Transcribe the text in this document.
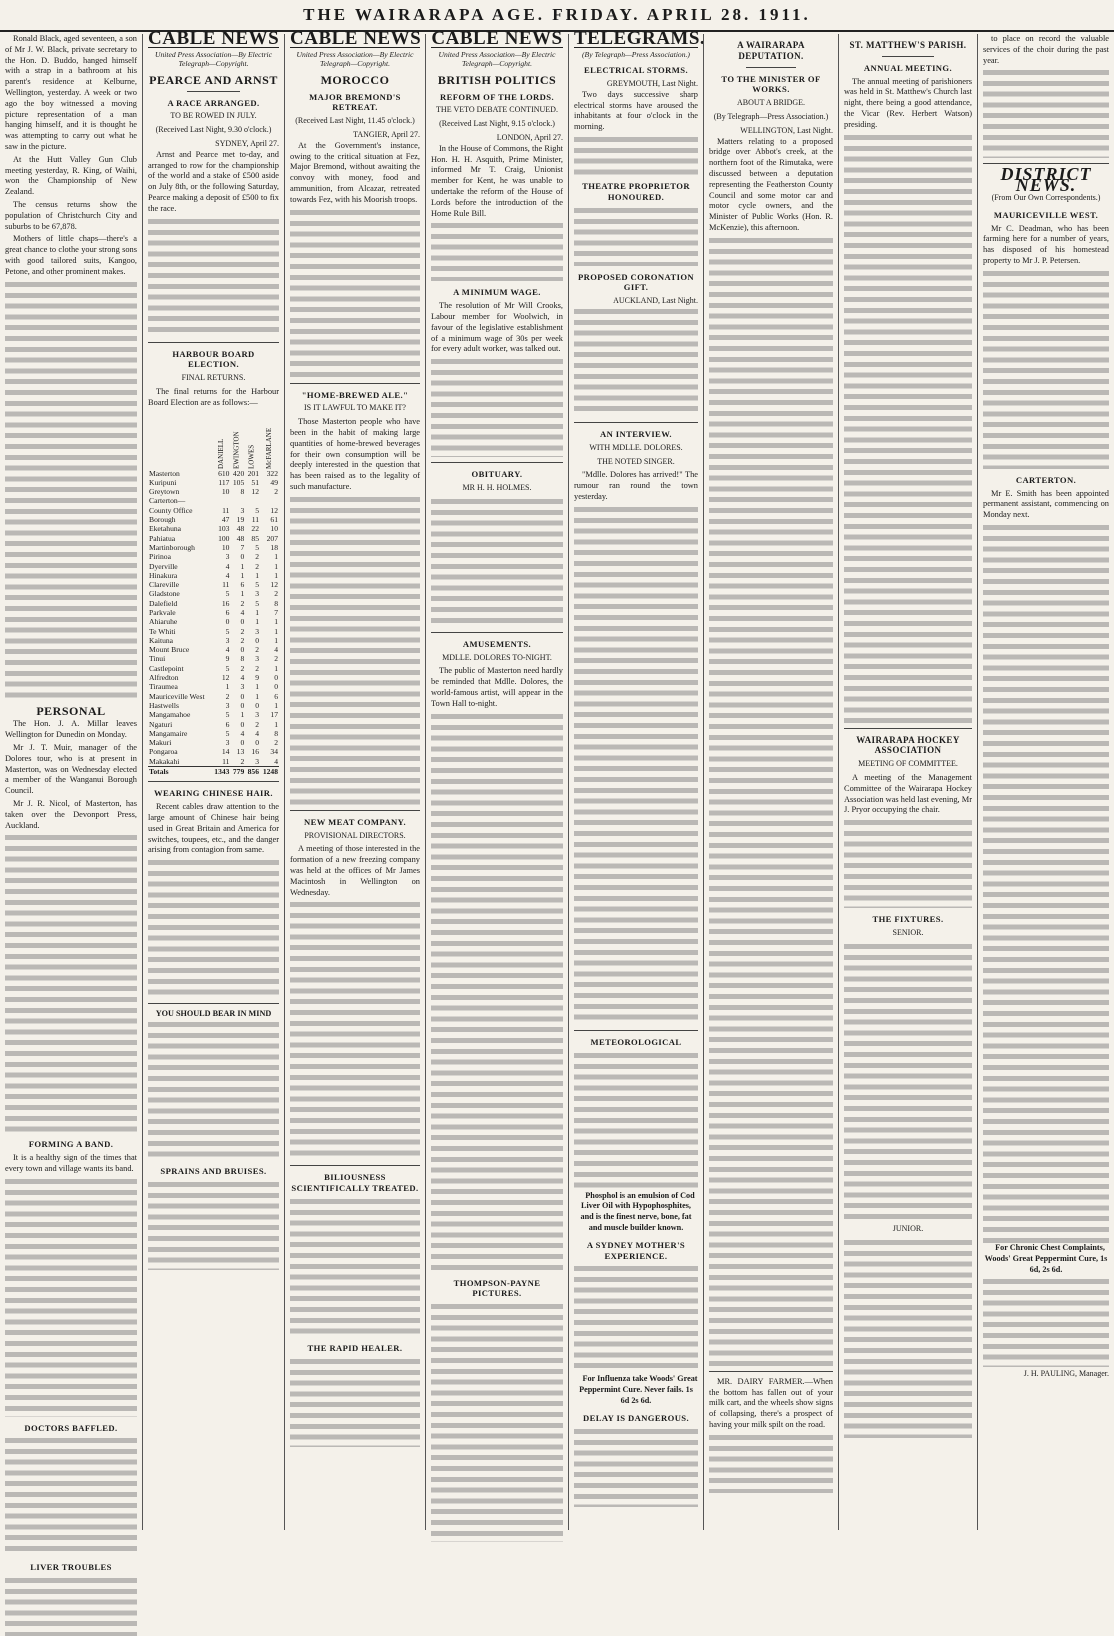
THE WAIRARAPA AGE. FRIDAY. APRIL 28. 1911.

Ronald Black, aged seventeen, a son of Mr J. W. Black, private secretary to the Hon. D. Buddo, hanged himself with a strap in a bathroom at his parent's residence at Kelburne, Wellington, yesterday. A week or two ago the boy witnessed a moving picture representation of a man hanging himself, and it is thought he was attempting to carry out what he saw in the picture.

At the Hutt Valley Gun Club meeting yesterday, R. King, of Waihi, won the Championship of New Zealand.

The census returns show the population of Christchurch City and suburbs to be 67,878.

Mothers of little chaps—there's a great chance to clothe your strong sons with good tailored suits, Kangoo, Petone, and other prominent makes.

PERSONAL

The Hon. J. A. Millar leaves Wellington for Dunedin on Monday.

Mr J. T. Muir, manager of the Dolores tour, who is at present in Masterton, was on Wednesday elected a member of the Wanganui Borough Council.

Mr J. R. Nicol, of Masterton, has taken over the Devonport Press, Auckland.

FORMING A BAND.

It is a healthy sign of the times that every town and village wants its band.

DOCTORS BAFFLED.
LIVER TROUBLES
CABLE NEWS
United Press Association—By Electric Telegraph—Copyright.
PEARCE AND ARNST
A RACE ARRANGED.
TO BE ROWED IN JULY.
(Received Last Night, 9.30 o'clock.)
SYDNEY, April 27.

Arnst and Pearce met to-day, and arranged to row for the championship of the world and a stake of £500 aside on July 8th, or the following Saturday, Pearce making a deposit of £500 to fix the race.

HARBOUR BOARD ELECTION.
FINAL RETURNS.

The final returns for the Harbour Board Election are as follows:—

	DANIELL	EWINGTON	LOWES	McFARLANE
Masterton	610	420	201	322
Kuripuni	117	105	51	49
Greytown	10	8	12	2
Carterton—				
County Office	11	3	5	12
Borough	47	19	11	61
Eketahuna	103	48	22	10
Pahiatua	100	48	85	207
Martinborough	10	7	5	18
Pirinoa	3	0	2	1
Dyerville	4	1	2	1
Hinakura	4	1	1	1
Clareville	11	6	5	12
Gladstone	5	1	3	2
Dalefield	16	2	5	8
Parkvale	6	4	1	7
Ahiaruhe	0	0	1	1
Te Whiti	5	2	3	1
Kaituna	3	2	0	1
Mount Bruce	4	0	2	4
Tinui	9	8	3	2
Castlepoint	5	2	2	1
Alfredton	12	4	9	0
Tiraumea	1	3	1	0
Mauriceville West	2	0	1	6
Hastwells	3	0	0	1
Mangamahoe	5	1	3	17
Ngaturi	6	0	2	1
Mangamaire	5	4	4	8
Makuri	3	0	0	2
Pongaroa	14	13	16	34
Makakahi	11	2	3	4
Totals	1343	779	856	1248
WEARING CHINESE HAIR.

Recent cables draw attention to the large amount of Chinese hair being used in Great Britain and America for switches, toupees, etc., and the danger arising from contagion from same.

YOU SHOULD BEAR IN MIND
SPRAINS AND BRUISES.
CABLE NEWS
United Press Association—By Electric Telegraph—Copyright.
MOROCCO
MAJOR BREMOND'S RETREAT.
(Received Last Night, 11.45 o'clock.)
TANGIER, April 27.

At the Government's instance, owing to the critical situation at Fez, Major Bremond, without awaiting the convoy with money, food and ammunition, from Alcazar, retreated towards Fez, with his Moorish troops.

"HOME-BREWED ALE."
IS IT LAWFUL TO MAKE IT?

Those Masterton people who have been in the habit of making large quantities of home-brewed beverages for their own consumption will be deeply interested in the question that has been raised as to the legality of such manufacture.

NEW MEAT COMPANY.
PROVISIONAL DIRECTORS.

A meeting of those interested in the formation of a new freezing company was held at the offices of Mr James Macintosh in Wellington on Wednesday.

BILIOUSNESS SCIENTIFICALLY TREATED.
THE RAPID HEALER.
CABLE NEWS
United Press Association—By Electric Telegraph—Copyright.
BRITISH POLITICS
REFORM OF THE LORDS.
THE VETO DEBATE CONTINUED.
(Received Last Night, 9.15 o'clock.)
LONDON, April 27.

In the House of Commons, the Right Hon. H. H. Asquith, Prime Minister, informed Mr T. Craig, Unionist member for Kent, he was unable to undertake the reform of the House of Lords before the introduction of the Home Rule Bill.

A MINIMUM WAGE.

The resolution of Mr Will Crooks, Labour member for Woolwich, in favour of the legislative establishment of a minimum wage of 30s per week for every adult worker, was talked out.

OBITUARY.
MR H. H. HOLMES.
AMUSEMENTS.
MDLLE. DOLORES TO-NIGHT.

The public of Masterton need hardly be reminded that Mdlle. Dolores, the world-famous artist, will appear in the Town Hall to-night.

THOMPSON-PAYNE PICTURES.
TELEGRAMS.
(By Telegraph—Press Association.)
ELECTRICAL STORMS.
GREYMOUTH, Last Night.

Two days successive sharp electrical storms have aroused the inhabitants at four o'clock in the morning.

THEATRE PROPRIETOR HONOURED.
PROPOSED CORONATION GIFT.
AUCKLAND, Last Night.
AN INTERVIEW.
WITH MDLLE. DOLORES.
THE NOTED SINGER.

"Mdlle. Dolores has arrived!" The rumour ran round the town yesterday.

METEOROLOGICAL

Phosphol is an emulsion of Cod Liver Oil with Hypophosphites, and is the finest nerve, bone, fat and muscle builder known.

A SYDNEY MOTHER'S EXPERIENCE.

For Influenza take Woods' Great Peppermint Cure. Never fails. 1s 6d 2s 6d.

DELAY IS DANGEROUS.
A WAIRARAPA DEPUTATION.
TO THE MINISTER OF WORKS.
ABOUT A BRIDGE.
(By Telegraph—Press Association.)
WELLINGTON, Last Night.

Matters relating to a proposed bridge over Abbot's creek, at the northern foot of the Rimutaka, were discussed between a deputation representing the Featherston County Council and some motor car and motor cycle owners, and the Minister of Public Works (Hon. R. McKenzie), this afternoon.

MR. DAIRY FARMER.—When the bottom has fallen out of your milk cart, and the wheels show signs of collapsing, there's a prospect of having your milk spilt on the road.

ST. MATTHEW'S PARISH.
ANNUAL MEETING.

The annual meeting of parishioners was held in St. Matthew's Church last night, there being a good attendance, the Vicar (Rev. Herbert Watson) presiding.

WAIRARAPA HOCKEY ASSOCIATION
MEETING OF COMMITTEE.

A meeting of the Management Committee of the Wairarapa Hockey Association was held last evening, Mr J. Pryor occupying the chair.

THE FIXTURES.
SENIOR.
JUNIOR.

to place on record the valuable services of the choir during the past year.

DISTRICT NEWS.
(From Our Own Correspondents.)
MAURICEVILLE WEST.

Mr C. Deadman, who has been farming here for a number of years, has disposed of his homestead property to Mr J. P. Petersen.

CARTERTON.

Mr E. Smith has been appointed permanent assistant, commencing on Monday next.

For Chronic Chest Complaints, Woods' Great Peppermint Cure, 1s 6d, 2s 6d.

J. H. PAULING, Manager.
